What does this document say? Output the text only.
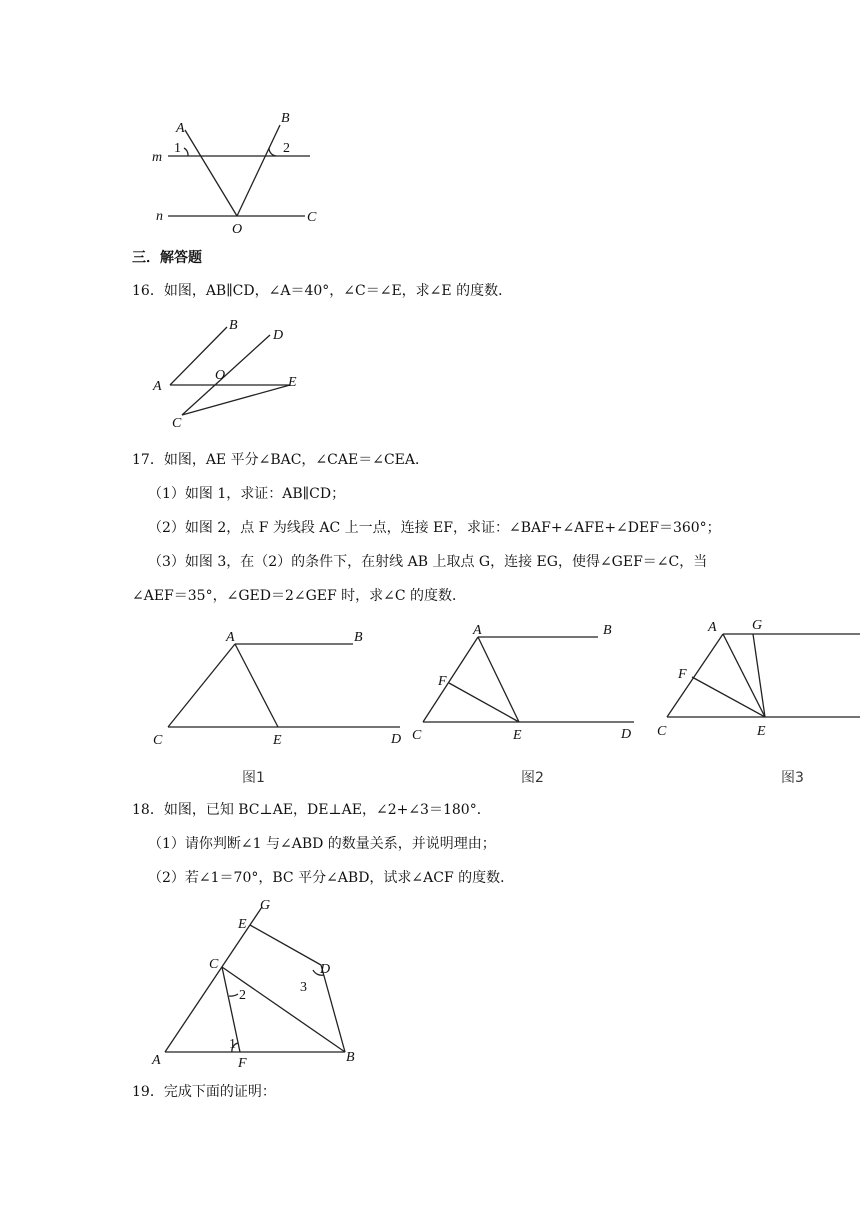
A
B
m
n
O
C
1	2
三．解答题
16．如图，AB∥CD，∠A＝40°，∠C＝∠E，求∠E 的度数．
A
B
C
D
E
O
17．如图，AE 平分∠BAC，∠CAE＝∠CEA．
（1）如图 1，求证：AB∥CD；
（2）如图 2，点 F 为线段 AC 上一点，连接 EF，求证：∠BAF+∠AFE+∠DEF＝360°；
（3）如图 3，在（2）的条件下，在射线 AB 上取点 G，连接 EG，使得∠GEF＝∠C，当
∠AEF＝35°，∠GED＝2∠GEF 时，求∠C 的度数．
A	B
C	E	D
图1
A	B
F
C	E	D
图2
A	G
F
C	E
图3
18．如图，已知 BC⊥AE，DE⊥AE，∠2+∠3＝180°．
（1）请你判断∠1 与∠ABD 的数量关系，并说明理由；
（2）若∠1＝70°，BC 平分∠ABD，试求∠ACF 的度数．
G
E
C	D
A	F	B
1
2
3
19．完成下面的证明：
